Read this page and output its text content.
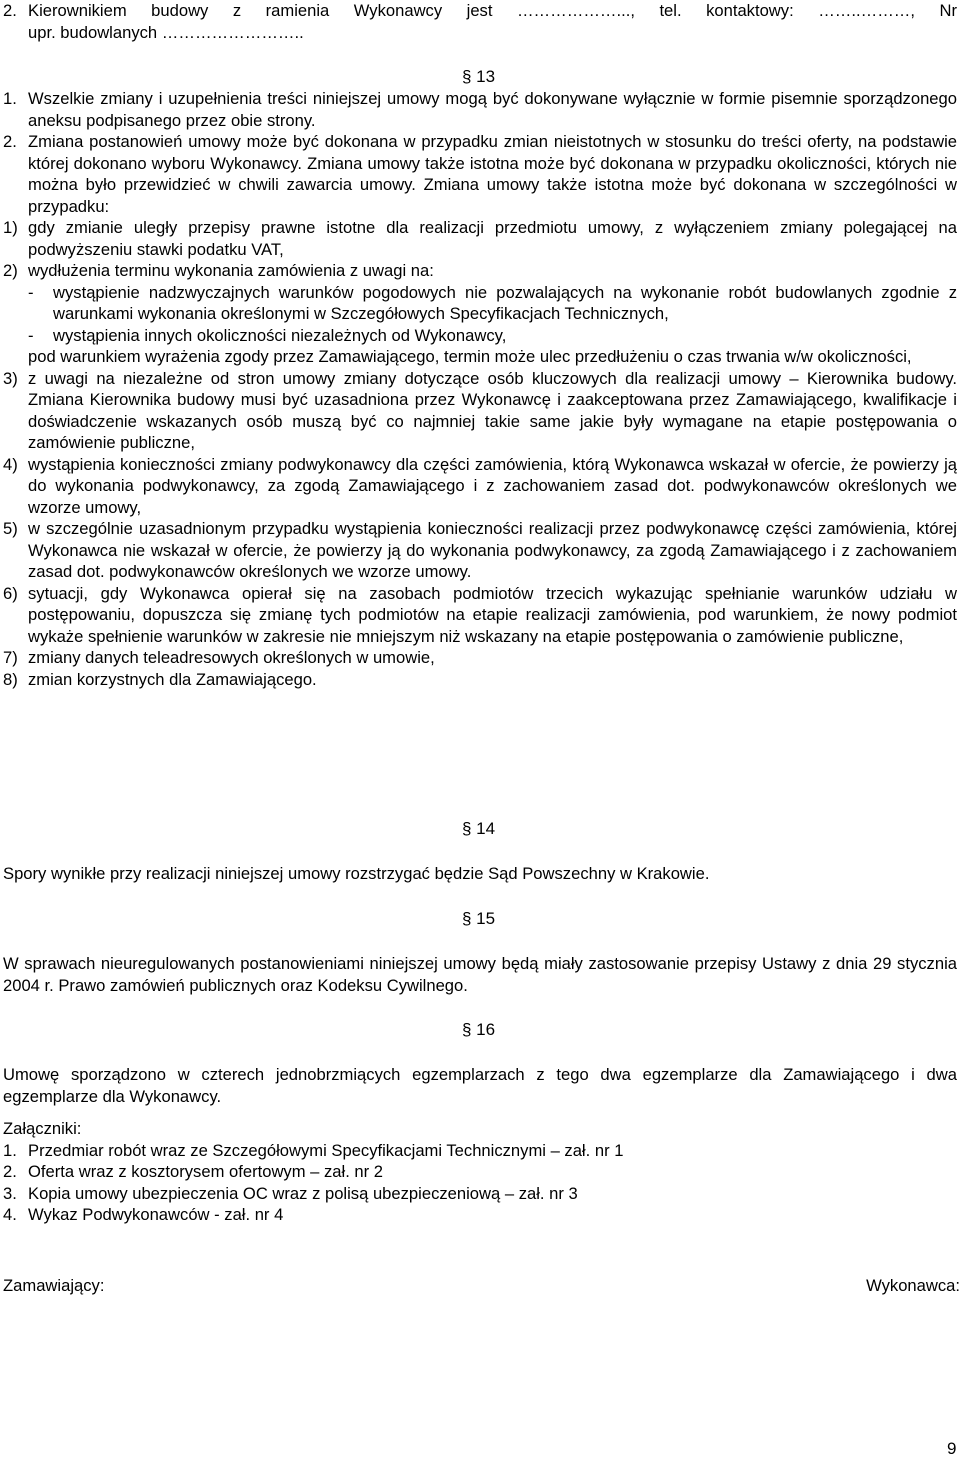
2. Kierownikiem budowy z ramienia Wykonawcy jest ………………..., tel. kontaktowy: ……..………, Nr

upr. budowlanych ……………………..

§ 13
1. Wszelkie zmiany i uzupełnienia treści niniejszej umowy mogą być dokonywane wyłącznie w formie pisemnie sporządzonego aneksu podpisanego przez obie strony.

2. Zmiana postanowień umowy może być dokonana w przypadku zmian nieistotnych w stosunku do treści oferty, na podstawie której dokonano wyboru Wykonawcy. Zmiana umowy także istotna może być dokonana w przypadku okoliczności, których nie można było przewidzieć w chwili zawarcia umowy. Zmiana umowy także istotna może być dokonana w szczególności w przypadku:

1) gdy zmianie uległy przepisy prawne istotne dla realizacji przedmiotu umowy, z wyłączeniem zmiany polegającej na podwyższeniu stawki podatku VAT,

2) wydłużenia terminu wykonania zamówienia z uwagi na:

-	wystąpienie nadzwyczajnych warunków pogodowych nie pozwalających na wykonanie robót budowlanych zgodnie z warunkami wykonania określonymi w Szczegółowych Specyfikacjach Technicznych,

-	wystąpienia innych okoliczności niezależnych od Wykonawcy,

pod warunkiem wyrażenia zgody przez Zamawiającego, termin może ulec przedłużeniu o czas trwania w/w okoliczności,

3) z uwagi na niezależne od stron umowy zmiany dotyczące osób kluczowych dla realizacji umowy – Kierownika budowy. Zmiana Kierownika budowy musi być uzasadniona przez Wykonawcę i zaakceptowana przez Zamawiającego, kwalifikacje i doświadczenie wskazanych osób muszą być co najmniej takie same jakie były wymagane na etapie postępowania o zamówienie publiczne,

4) wystąpienia konieczności zmiany podwykonawcy dla części zamówienia, którą Wykonawca wskazał w ofercie, że powierzy ją do wykonania podwykonawcy, za zgodą Zamawiającego i z zachowaniem zasad dot. podwykonawców określonych we wzorze umowy,

5) w szczególnie uzasadnionym przypadku wystąpienia konieczności realizacji przez podwykonawcę części zamówienia, której Wykonawca nie wskazał w ofercie, że powierzy ją do wykonania podwykonawcy, za zgodą Zamawiającego i z zachowaniem zasad dot. podwykonawców określonych we wzorze umowy.

6) sytuacji, gdy Wykonawca opierał się na zasobach podmiotów trzecich wykazując spełnianie warunków udziału w postępowaniu, dopuszcza się zmianę tych podmiotów na etapie realizacji zamówienia, pod warunkiem, że nowy podmiot wykaże spełnienie warunków w zakresie nie mniejszym niż wskazany na etapie postępowania o zamówienie publiczne,

7) zmiany danych teleadresowych określonych w umowie,

8) zmian korzystnych dla Zamawiającego.

§ 14

Spory wynikłe przy realizacji niniejszej umowy rozstrzygać będzie Sąd Powszechny w Krakowie.

§ 15

W sprawach nieuregulowanych postanowieniami niniejszej umowy będą miały zastosowanie przepisy Ustawy z dnia 29 stycznia 2004 r. Prawo zamówień publicznych oraz Kodeksu Cywilnego.

§ 16

Umowę sporządzono w czterech jednobrzmiących egzemplarzach z tego dwa egzemplarze dla Zamawiającego i dwa egzemplarze dla Wykonawcy.

Załączniki:

1. Przedmiar robót wraz ze Szczegółowymi Specyfikacjami Technicznymi – zał. nr 1
2. Oferta wraz z kosztorysem ofertowym – zał. nr 2
3. Kopia umowy ubezpieczenia OC wraz z polisą ubezpieczeniową – zał. nr 3
4. Wykaz Podwykonawców - zał. nr 4
Zamawiający:	Wykonawca:
9
